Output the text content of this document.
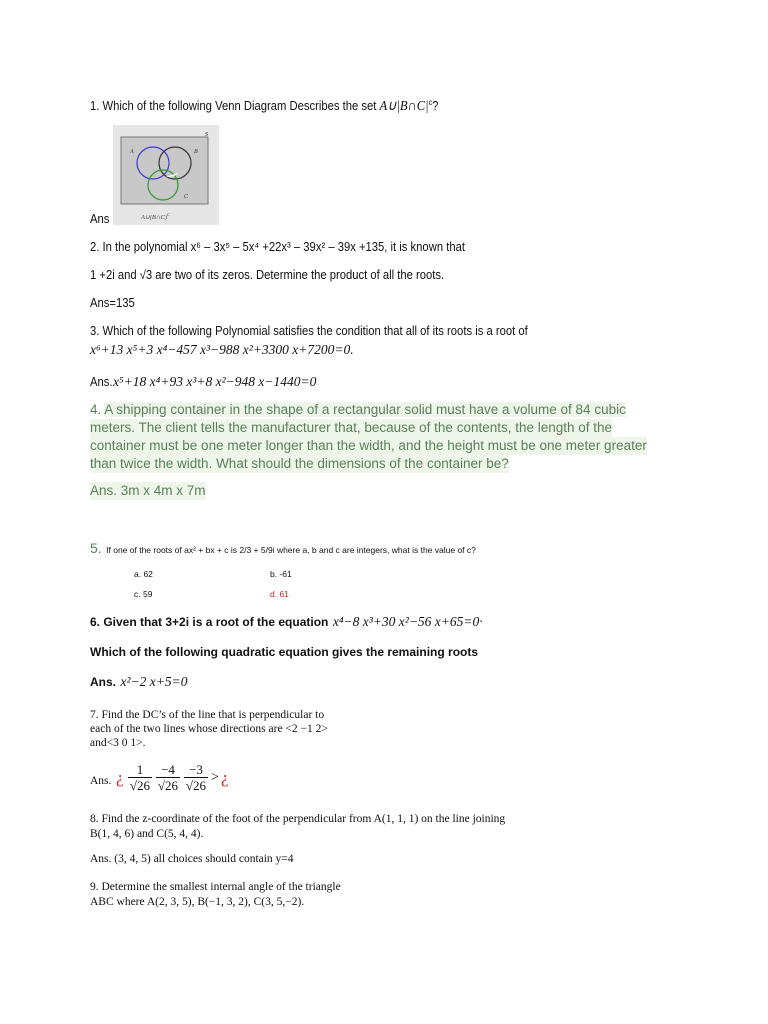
1. Which of the following Venn Diagram Describes the set $A\cup|B\cap C|^c$?
Ans
S
A	B
C
A∪(B∩C)$^C$
2. In the polynomial x⁶ – 3x⁵ – 5x⁴ +22x³ – 39x² – 39x +135, it is known that
1 +2i and √3 are two of its zeros. Determine the product of all the roots.
Ans=135
3. Which of the following Polynomial satisfies the condition that all of its roots is a root of
x⁶+13 x⁵+3 x⁴−457 x³−988 x²+3300 x+7200=0.
Ans.x⁵+18 x⁴+93 x³+8 x²−948 x−1440=0
4. A shipping container in the shape of a rectangular solid must have a volume of 84 cubic
meters. The client tells the manufacturer that, because of the contents, the length of the
container must be one meter longer than the width, and the height must be one meter greater
than twice the width. What should the dimensions of the container be?
Ans. 3m x 4m x 7m
5. If one of the roots of ax² + bx + c is 2/3 + 5/9i where a, b and c are integers, what is the value of c?
a. 62	b. -61
c. 59	d. 61
6. Given that 3+2i is a root of the equation x⁴−8 x³+30 x²−56 x+65=0·
Which of the following quadratic equation gives the remaining roots
Ans. x²−2 x+5=0
7. Find the DC’s of the line that is perpendicular to
each of the two lines whose directions are <2 −1 2>
and<3 0 1>.
Ans. ¿ $\frac{1}{√26} \frac{-4}{√26} \frac{-3}{√26}$ > ¿
8. Find the z-coordinate of the foot of the perpendicular from A(1, 1, 1) on the line joining
B(1, 4, 6) and C(5, 4, 4).
Ans. (3, 4, 5) all choices should contain y=4
9. Determine the smallest internal angle of the triangle
ABC where A(2, 3, 5), B(−1, 3, 2), C(3, 5,−2).
